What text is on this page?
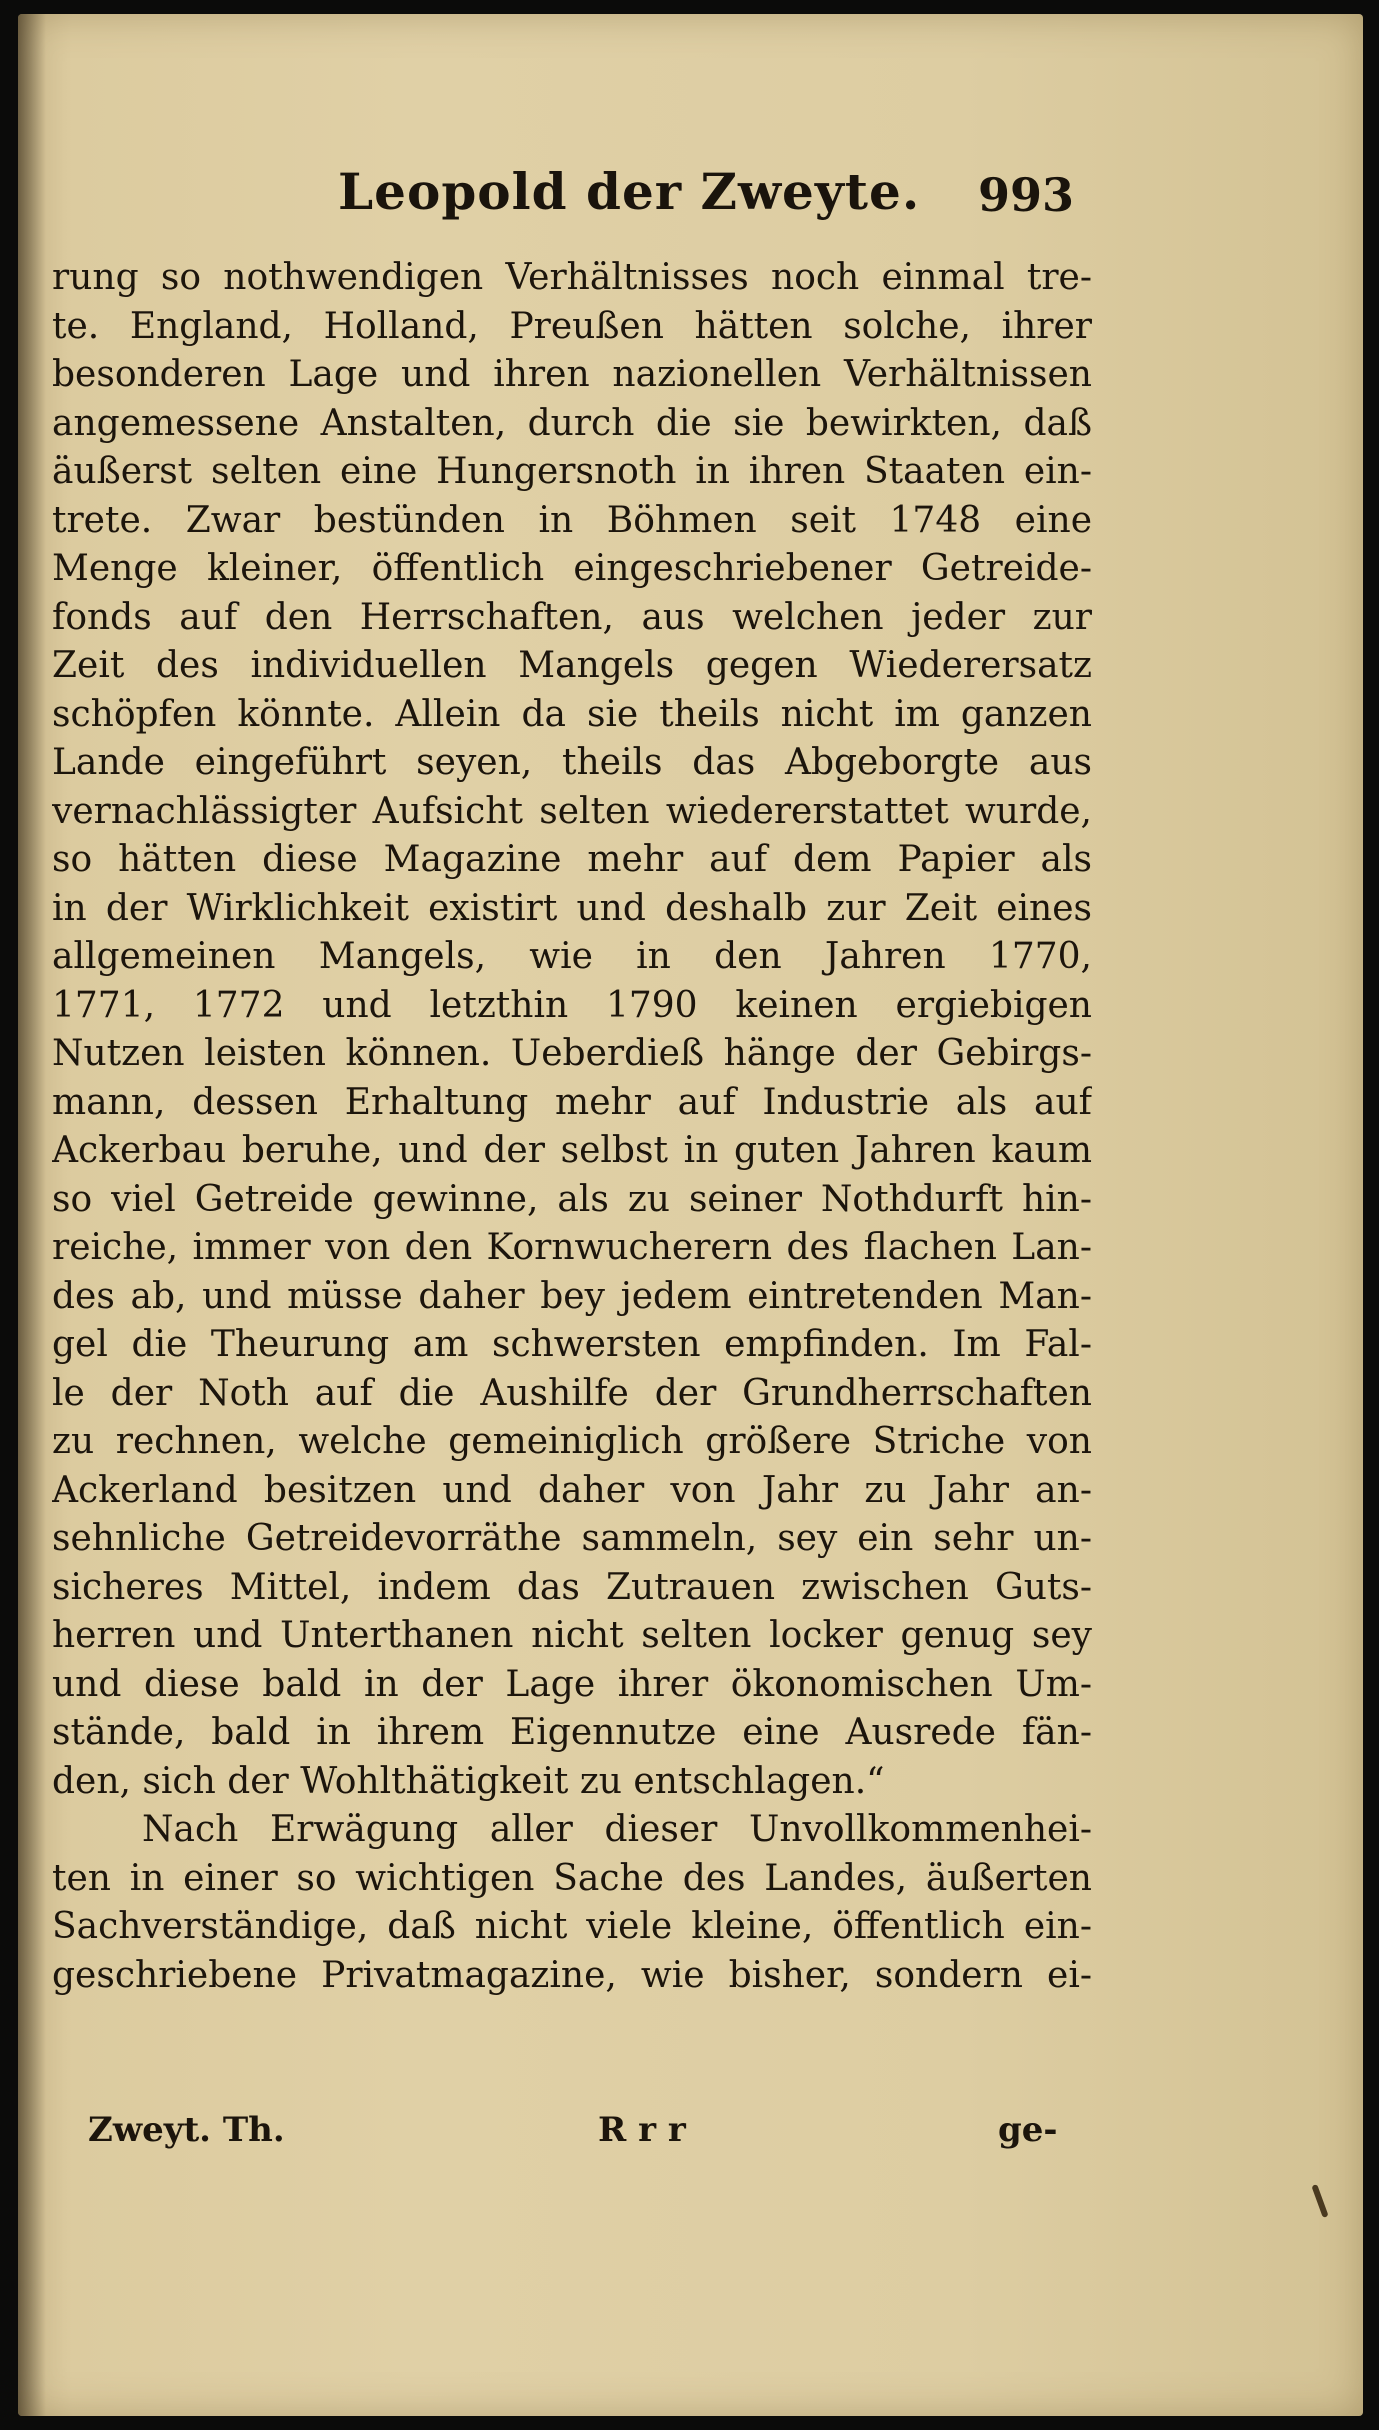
Leopold der Zweyte. 993
rung so nothwendigen Verhältnisses noch einmal tre-
te. England, Holland, Preußen hätten solche, ihrer
besonderen Lage und ihren nazionellen Verhältnissen
angemessene Anstalten, durch die sie bewirkten, daß
äußerst selten eine Hungersnoth in ihren Staaten ein-
trete. Zwar bestünden in Böhmen seit 1748 eine
Menge kleiner, öffentlich eingeschriebener Getreide-
fonds auf den Herrschaften, aus welchen jeder zur
Zeit des individuellen Mangels gegen Wiederersatz
schöpfen könnte. Allein da sie theils nicht im ganzen
Lande eingeführt seyen, theils das Abgeborgte aus
vernachlässigter Aufsicht selten wiedererstattet wurde,
so hätten diese Magazine mehr auf dem Papier als
in der Wirklichkeit existirt und deshalb zur Zeit eines
allgemeinen Mangels, wie in den Jahren 1770,
1771, 1772 und letzthin 1790 keinen ergiebigen
Nutzen leisten können. Ueberdieß hänge der Gebirgs-
mann, dessen Erhaltung mehr auf Industrie als auf
Ackerbau beruhe, und der selbst in guten Jahren kaum
so viel Getreide gewinne, als zu seiner Nothdurft hin-
reiche, immer von den Kornwucherern des flachen Lan-
des ab, und müsse daher bey jedem eintretenden Man-
gel die Theurung am schwersten empfinden. Im Fal-
le der Noth auf die Aushilfe der Grundherrschaften
zu rechnen, welche gemeiniglich größere Striche von
Ackerland besitzen und daher von Jahr zu Jahr an-
sehnliche Getreidevorräthe sammeln, sey ein sehr un-
sicheres Mittel, indem das Zutrauen zwischen Guts-
herren und Unterthanen nicht selten locker genug sey
und diese bald in der Lage ihrer ökonomischen Um-
stände, bald in ihrem Eigennutze eine Ausrede fän-
den, sich der Wohlthätigkeit zu entschlagen.“
Nach Erwägung aller dieser Unvollkommenhei-
ten in einer so wichtigen Sache des Landes, äußerten
Sachverständige, daß nicht viele kleine, öffentlich ein-
geschriebene Privatmagazine, wie bisher, sondern ei-
Zweyt. Th.	R r r	ge-
